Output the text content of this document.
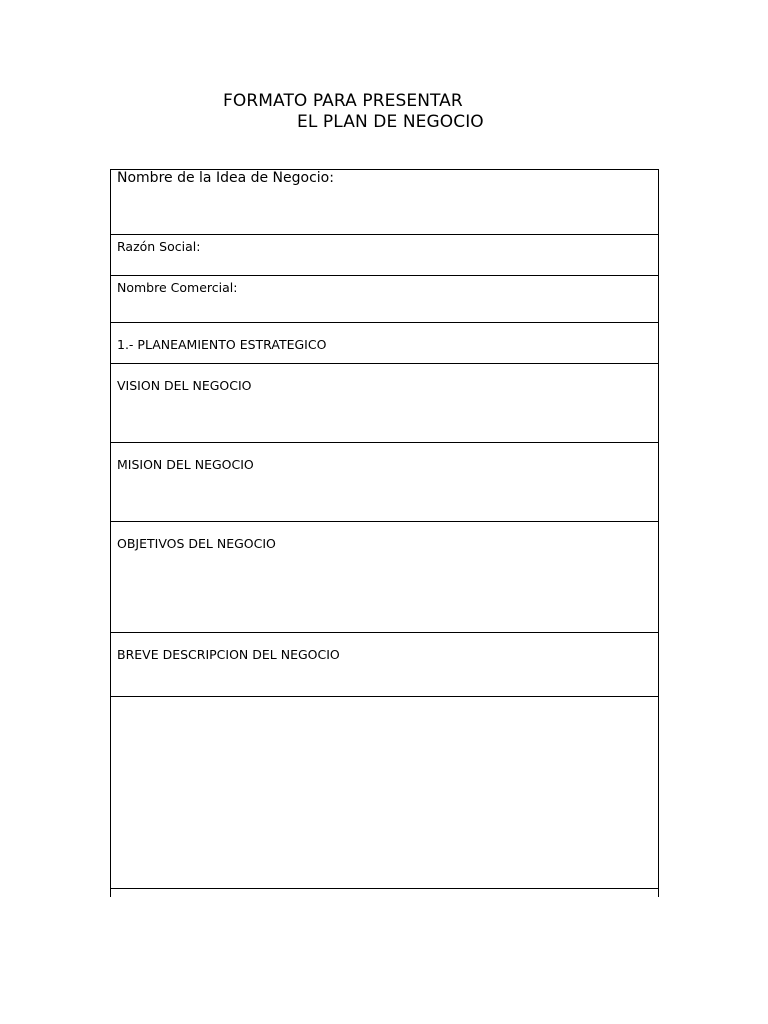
FORMATO PARA PRESENTAR
EL PLAN DE NEGOCIO
Nombre de la Idea de Negocio:
Razón Social:
Nombre Comercial:
1.- PLANEAMIENTO ESTRATEGICO
VISION DEL NEGOCIO
MISION DEL NEGOCIO
OBJETIVOS DEL NEGOCIO
BREVE DESCRIPCION DEL NEGOCIO
